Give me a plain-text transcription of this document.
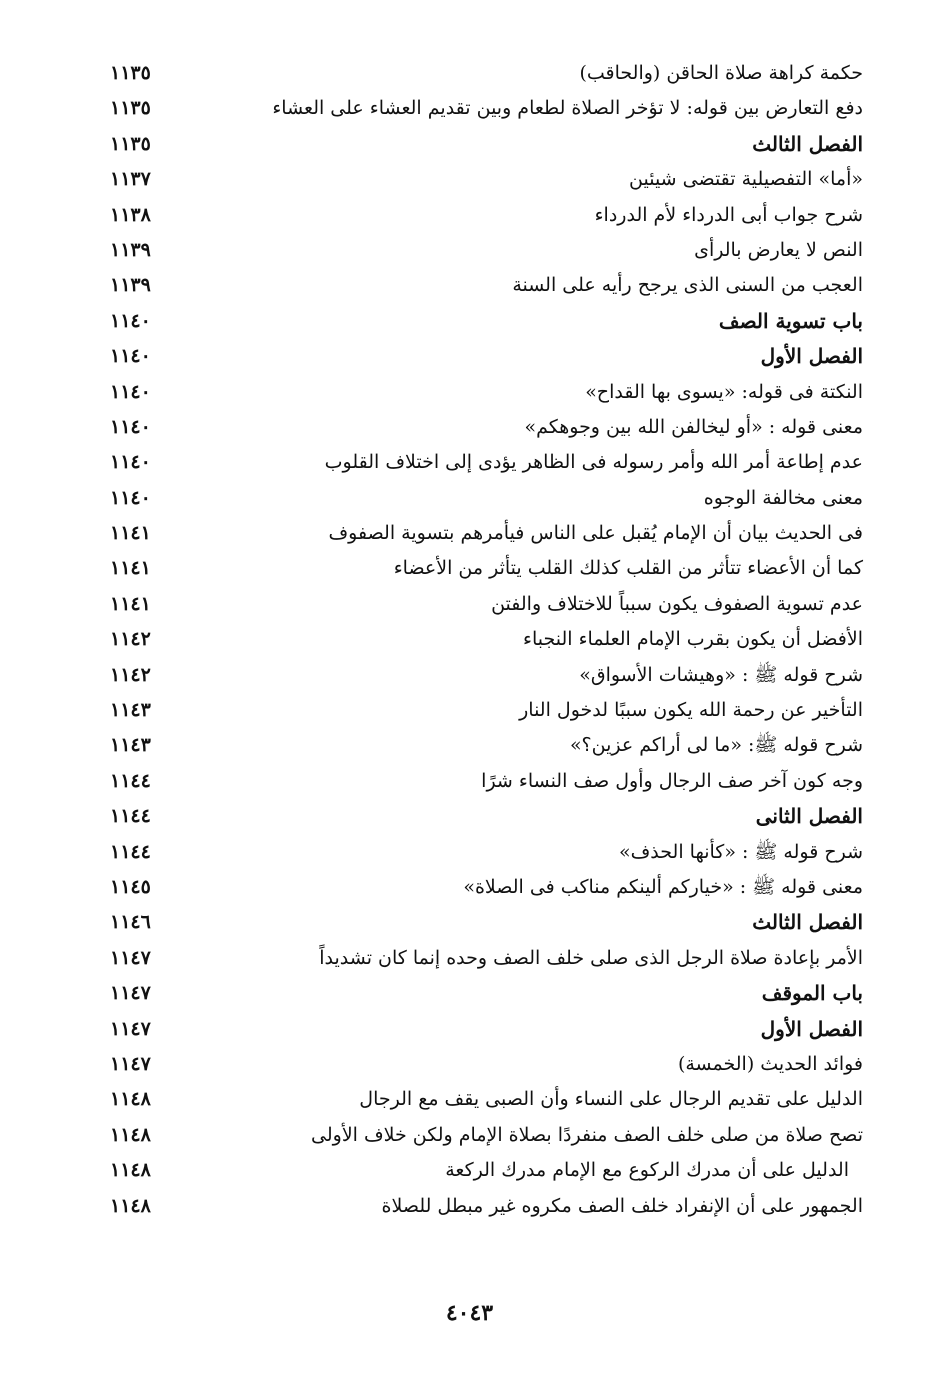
حكمة كراهة صلاة الحاقن (والحاقب)
١١٣٥
دفع التعارض بين قوله: لا تؤخر الصلاة لطعام وبين تقديم العشاء على العشاء
١١٣٥
الفصل الثالث
١١٣٥
«أما» التفصيلية تقتضى شيئين
١١٣٧
شرح جواب أبى الدرداء لأم الدرداء
١١٣٨
النص لا يعارض بالرأى
١١٣٩
العجب من السنى الذى يرجح رأيه على السنة
١١٣٩
باب تسوية الصف
١١٤٠
الفصل الأول
١١٤٠
النكتة فى قوله: «يسوى بها القداح»
١١٤٠
معنى قوله : «أو ليخالفن الله بين وجوهكم»
١١٤٠
عدم إطاعة أمر الله وأمر رسوله فى الظاهر يؤدى إلى اختلاف القلوب
١١٤٠
معنى مخالفة الوجوه
١١٤٠
فى الحديث بيان أن الإمام يُقبل على الناس فيأمرهم بتسوية الصفوف
١١٤١
كما أن الأعضاء تتأثر من القلب كذلك القلب يتأثر من الأعضاء
١١٤١
عدم تسوية الصفوف يكون سبباً للاختلاف والفتن
١١٤١
الأفضل أن يكون بقرب الإمام العلماء النجباء
١١٤٢
شرح قوله ﷺ : «وهيشات الأسواق»
١١٤٢
التأخير عن رحمة الله يكون سببًا لدخول النار
١١٤٣
شرح قوله ﷺ: «ما لى أراكم عزين؟»
١١٤٣
وجه كون آخر صف الرجال وأول صف النساء شرًا
١١٤٤
الفصل الثانى
١١٤٤
شرح قوله ﷺ : «كأنها الحذف»
١١٤٤
معنى قوله ﷺ : «خياركم ألينكم مناكب فى الصلاة»
١١٤٥
الفصل الثالث
١١٤٦
الأمر بإعادة صلاة الرجل الذى صلى خلف الصف وحده إنما كان تشديداً
١١٤٧
باب الموقف
١١٤٧
الفصل الأول
١١٤٧
فوائد الحديث (الخمسة)
١١٤٧
الدليل على تقديم الرجال على النساء وأن الصبى يقف مع الرجال
١١٤٨
تصح صلاة من صلى خلف الصف منفردًا بصلاة الإمام ولكن خلاف الأولى
١١٤٨
الدليل على أن مدرك الركوع مع الإمام مدرك الركعة
١١٤٨
الجمهور على أن الإنفراد خلف الصف مكروه غير مبطل للصلاة
١١٤٨
٤٠٤٣
